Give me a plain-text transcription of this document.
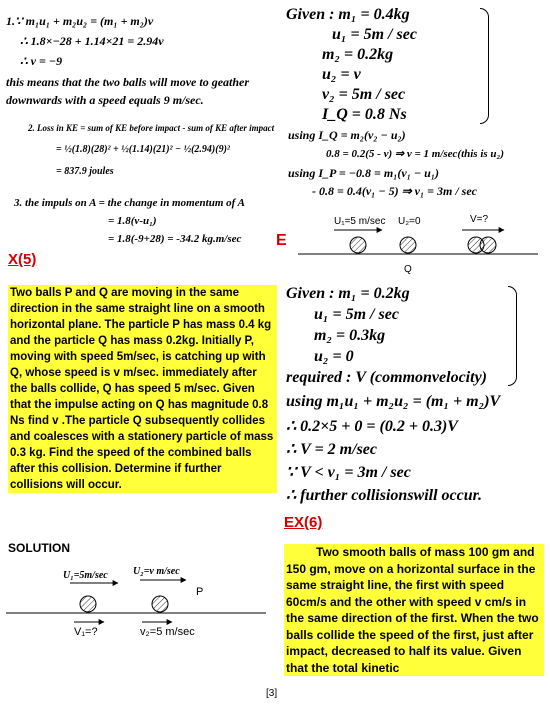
1.∵ m₁u₁ + m₂u₂ = (m₁ + m₂)v
∴ 1.8×−28 + 1.14×21 = 2.94v
∴ v = −9
this means that the two balls will move to geather
downwards with a speed equals 9 m/sec.
2. Loss in KE = sum of KE before impact - sum of KE after impact
= ½(1.8)(28)² + ½(1.14)(21)² − ½(2.94)(9)²
= 837.9 joules
3. the impuls on A = the change in momentum of A
= 1.8(v-u₁)
= 1.8(-9+28) = -34.2 kg.m/sec
X(5)
Two balls P and Q are moving in the same direction in the same straight line on a smooth horizontal plane. The particle P has mass 0.4 kg and the particle Q has mass 0.2kg. Initially P, moving with speed 5m/sec, is catching up with Q, whose speed is v m/sec. immediately after the balls collide, Q has speed 5 m/sec. Given that the impulse acting on Q has magnitude 0.8 Ns find v .The particle Q subsequently collides and coalesces with a stationery particle of mass 0.3 kg. Find the speed of the combined balls after this collision. Determine if further collisions will occur.
SOLUTION
U₁=5m/sec	U₂=v m/sec
P
V₁=?	v₂=5 m/sec
Given : m₁ = 0.4kg
u₁ = 5m / sec
m₂ = 0.2kg
u₂ = v
v₂ = 5m / sec
I_Q = 0.8 Ns
using I_Q = m₂(v₂ − u₂)
0.8 = 0.2(5 - v) ⇒ v = 1 m/sec(this is u₂)
using I_P = −0.8 = m₁(v₁ − u₁)
- 0.8 = 0.4(v₁ − 5) ⇒ v₁ = 3m / sec
U₁=5 m/sec U₂=0	V=?
E
Q
Given : m₁ = 0.2kg
u₁ = 5m / sec
m₂ = 0.3kg
u₂ = 0
required : V (commonvelocity)
using m₁u₁ + m₂u₂ = (m₁ + m₂)V
∴ 0.2×5 + 0 = (0.2 + 0.3)V
∴ V = 2 m/sec
∵ V < v₁ = 3m / sec
∴ further collisionswill occur.
EX(6)
Two smooth balls of mass 100 gm and 150 gm, move on a horizontal surface in the same straight line, the first with speed 60cm/s and the other with speed v cm/s in the same direction of the first. When the two balls collide the speed of the first, just after impact, decreased to half its value. Given that the total kinetic
[3]
